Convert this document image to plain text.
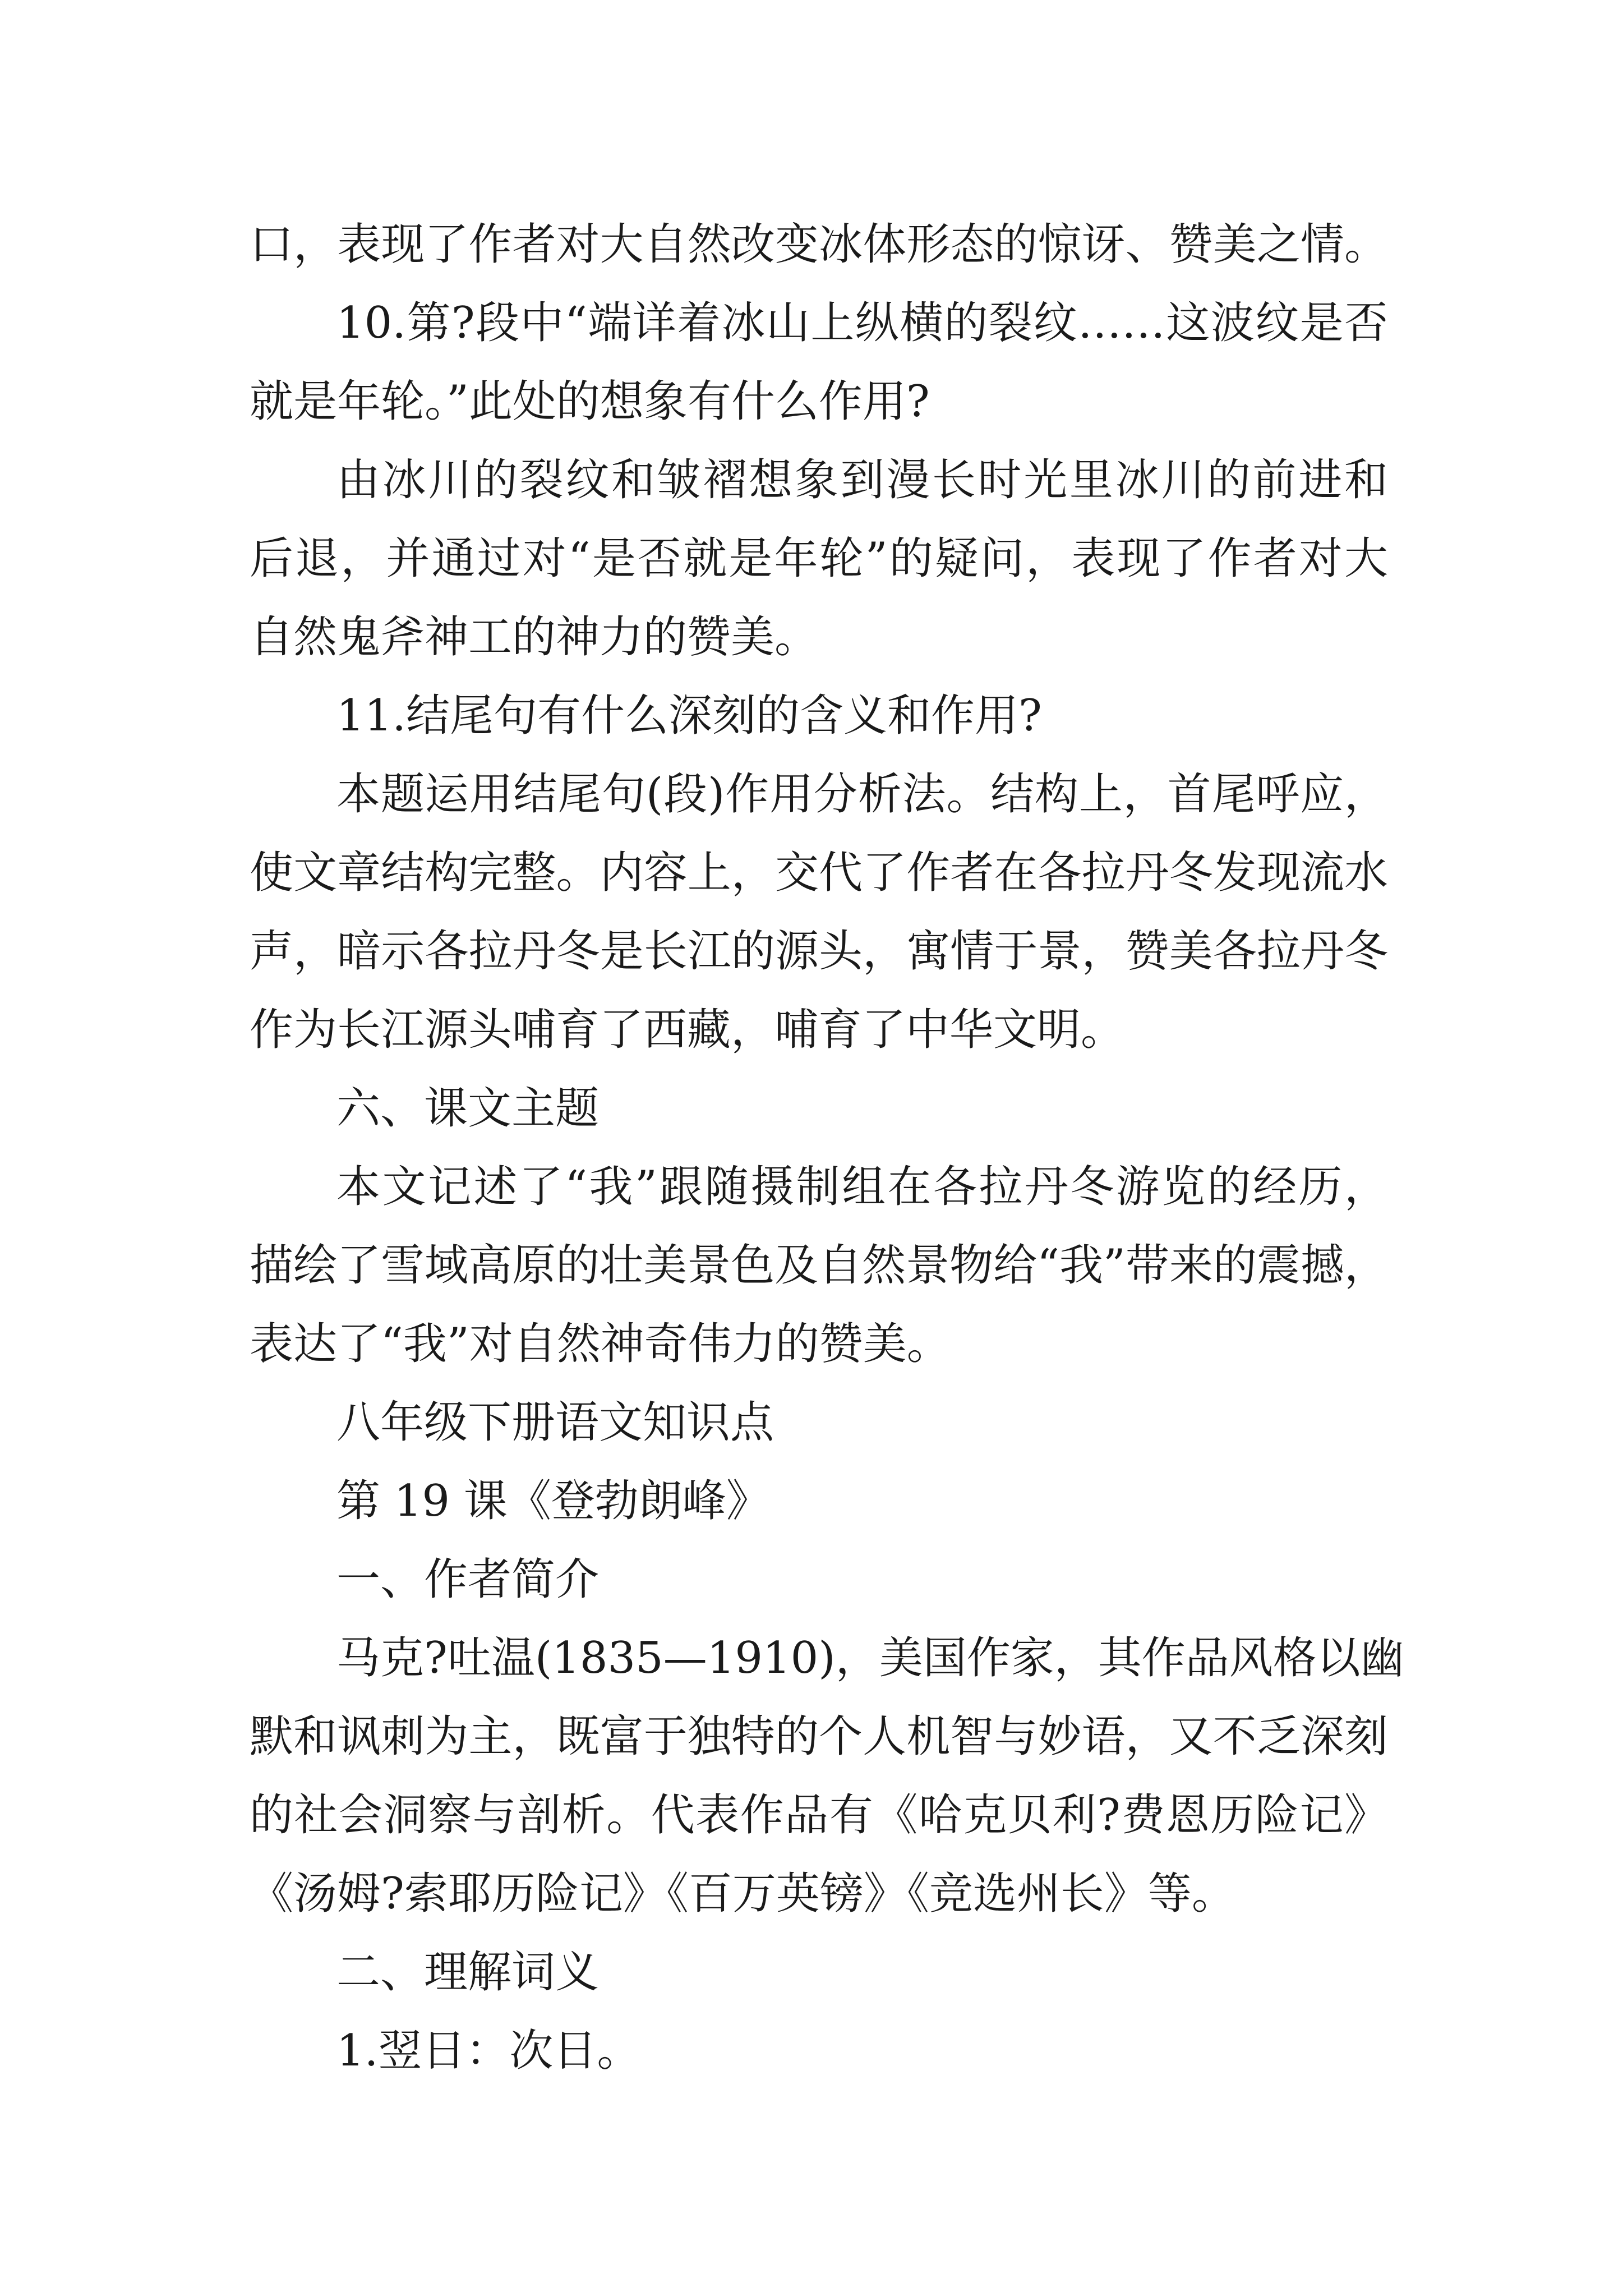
口，表现了作者对大自然改变冰体形态的惊讶、赞美之情。

10.第?段中“端详着冰山上纵横的裂纹……这波纹是否

就是年轮。”此处的想象有什么作用?

由冰川的裂纹和皱褶想象到漫长时光里冰川的前进和

后退，并通过对“是否就是年轮”的疑问，表现了作者对大

自然鬼斧神工的神力的赞美。

11.结尾句有什么深刻的含义和作用?

本题运用结尾句(段)作用分析法。结构上，首尾呼应，

使文章结构完整。内容上，交代了作者在各拉丹冬发现流水

声，暗示各拉丹冬是长江的源头，寓情于景，赞美各拉丹冬

作为长江源头哺育了西藏，哺育了中华文明。

六、课文主题

本文记述了“我”跟随摄制组在各拉丹冬游览的经历，

描绘了雪域高原的壮美景色及自然景物给“我”带来的震撼，

表达了“我”对自然神奇伟力的赞美。

八年级下册语文知识点

第 19 课《登勃朗峰》

一、作者简介

马克?吐温(1835—1910)，美国作家，其作品风格以幽

默和讽刺为主，既富于独特的个人机智与妙语，又不乏深刻

的社会洞察与剖析。代表作品有《哈克贝利?费恩历险记》

《汤姆?索耶历险记》《百万英镑》《竞选州长》等。

二、理解词义

1.翌日：次日。
